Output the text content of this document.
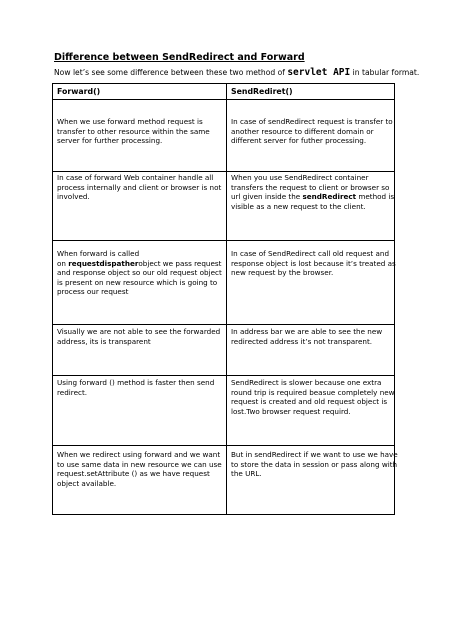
Difference between SendRedirect and Forward
Now let’s see some difference between these two method of servlet API in tabular format.
Forward()	SendRediret()

When we use forward method request is
transfer to other resource within the same
server for further processing.	In case of sendRedirect request is transfer to
another resource to different domain or
different server for futher processing.

In case of forward Web container handle all
process internally and client or browser is not
involved.	When you use SendRedirect container
transfers the request to client or browser so
url given inside the sendRedirect method is
visible as a new request to the client.

When forward is called
on requestdispatherobject we pass request
and response object so our old request object
is present on new resource which is going to
process our request	In case of SendRedirect call old request and
response object is lost because it’s treated as
new request by the browser.

Visually we are not able to see the forwarded
address, its is transparent	In address bar we are able to see the new
redirected address it’s not transparent.

Using forward () method is faster then send
redirect.	SendRedirect is slower because one extra
round trip is required beasue completely new
request is created and old request object is
lost.Two browser request requird.

When we redirect using forward and we want
to use same data in new resource we can use
request.setAttribute () as we have request
object available.	But in sendRedirect if we want to use we have
to store the data in session or pass along with
the URL.
